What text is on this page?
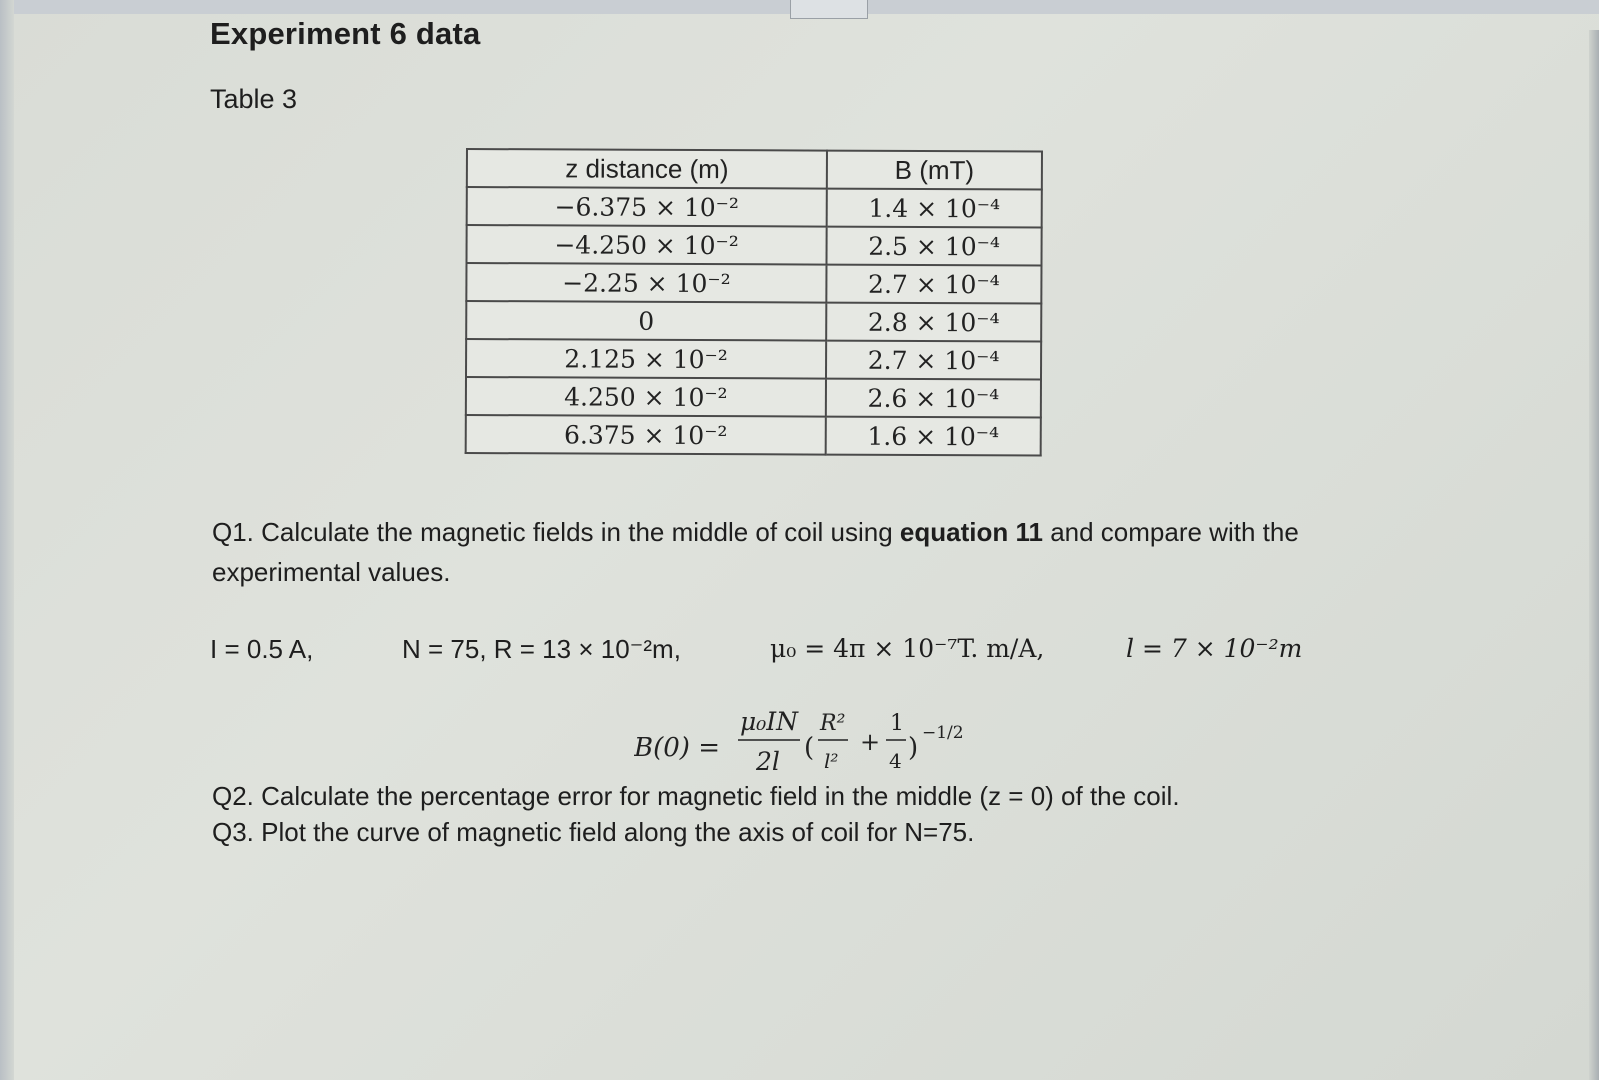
Experiment 6 data

Table 3

z distance (m)	B (mT)
−6.375 × 10⁻²	1.4 × 10⁻⁴
−4.250 × 10⁻²	2.5 × 10⁻⁴
−2.25 × 10⁻²	2.7 × 10⁻⁴
0	2.8 × 10⁻⁴
2.125 × 10⁻²	2.7 × 10⁻⁴
4.250 × 10⁻²	2.6 × 10⁻⁴
6.375 × 10⁻²	1.6 × 10⁻⁴

Q1. Calculate the magnetic fields in the middle of coil using equation 11 and compare with the experimental values.

I = 0.5 A,	N = 75, R = 13 × 10⁻²m,	μ₀ = 4π × 10⁻⁷T. m/A,	l = 7 × 10⁻²m
B(0) =
μ₀IN
2l (
R²
l²
+
1
4 ) −1/2

Q2. Calculate the percentage error for magnetic field in the middle (z = 0) of the coil.

Q3. Plot the curve of magnetic field along the axis of coil for N=75.
